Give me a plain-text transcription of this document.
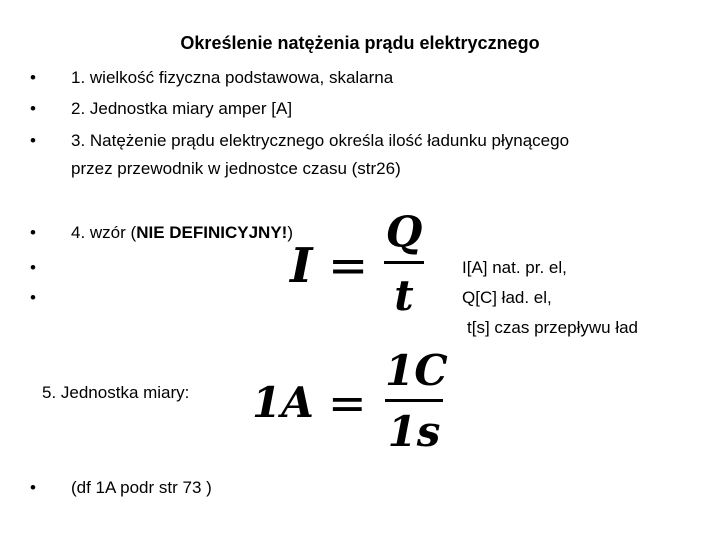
Określenie natężenia prądu elektrycznego
• 1. wielkość fizyczna podstawowa, skalarna
• 2. Jednostka miary amper [A]
• 3. Natężenie prądu elektrycznego określa ilość ładunku płynącego
przez przewodnik w jednostce czasu (str26)
• 4. wzór (NIE DEFINICYJNY!)
•
•
I =
Q
t
I[A] nat. pr. el,
Q[C] ład. el,
t[s] czas przepływu ład
5. Jednostka miary: 1A =
1C
1s
• (df 1A podr str 73 )
